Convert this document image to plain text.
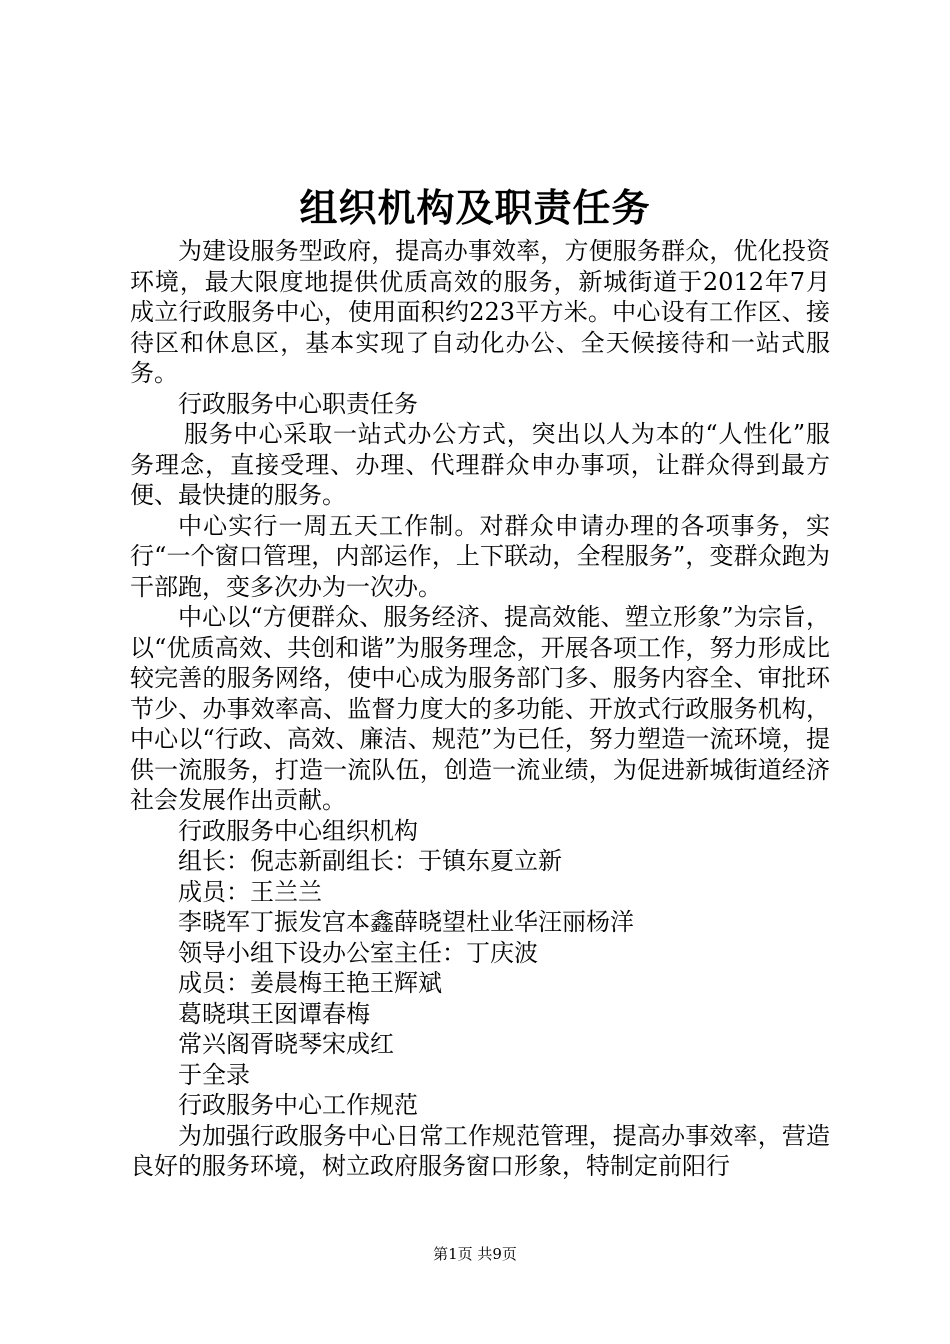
组织机构及职责任务

为建设服务型政府，提高办事效率，方便服务群众，优化投资环境，最大限度地提供优质高效的服务，新城街道于2012年7月成立行政服务中心，使用面积约223平方米。中心设有工作区、接待区和休息区，基本实现了自动化办公、全天候接待和一站式服务。

行政服务中心职责任务

服务中心采取一站式办公方式，突出以人为本的“人性化”服务理念，直接受理、办理、代理群众申办事项，让群众得到最方便、最快捷的服务。

中心实行一周五天工作制。对群众申请办理的各项事务，实行“一个窗口管理，内部运作，上下联动，全程服务”，变群众跑为干部跑，变多次办为一次办。

中心以“方便群众、服务经济、提高效能、塑立形象”为宗旨，以“优质高效、共创和谐”为服务理念，开展各项工作，努力形成比较完善的服务网络，使中心成为服务部门多、服务内容全、审批环节少、办事效率高、监督力度大的多功能、开放式行政服务机构，中心以“行政、高效、廉洁、规范”为已任，努力塑造一流环境，提供一流服务，打造一流队伍，创造一流业绩，为促进新城街道经济社会发展作出贡献。

行政服务中心组织机构

组长：倪志新副组长：于镇东夏立新

成员：王兰兰

李晓军丁振发宫本鑫薛晓望杜业华汪丽杨洋

领导小组下设办公室主任：丁庆波

成员：姜晨梅王艳王辉斌

葛晓琪王囡谭春梅

常兴阁胥晓琴宋成红

于全录

行政服务中心工作规范

为加强行政服务中心日常工作规范管理，提高办事效率，营造良好的服务环境，树立政府服务窗口形象，特制定前阳行

第1页 共9页
